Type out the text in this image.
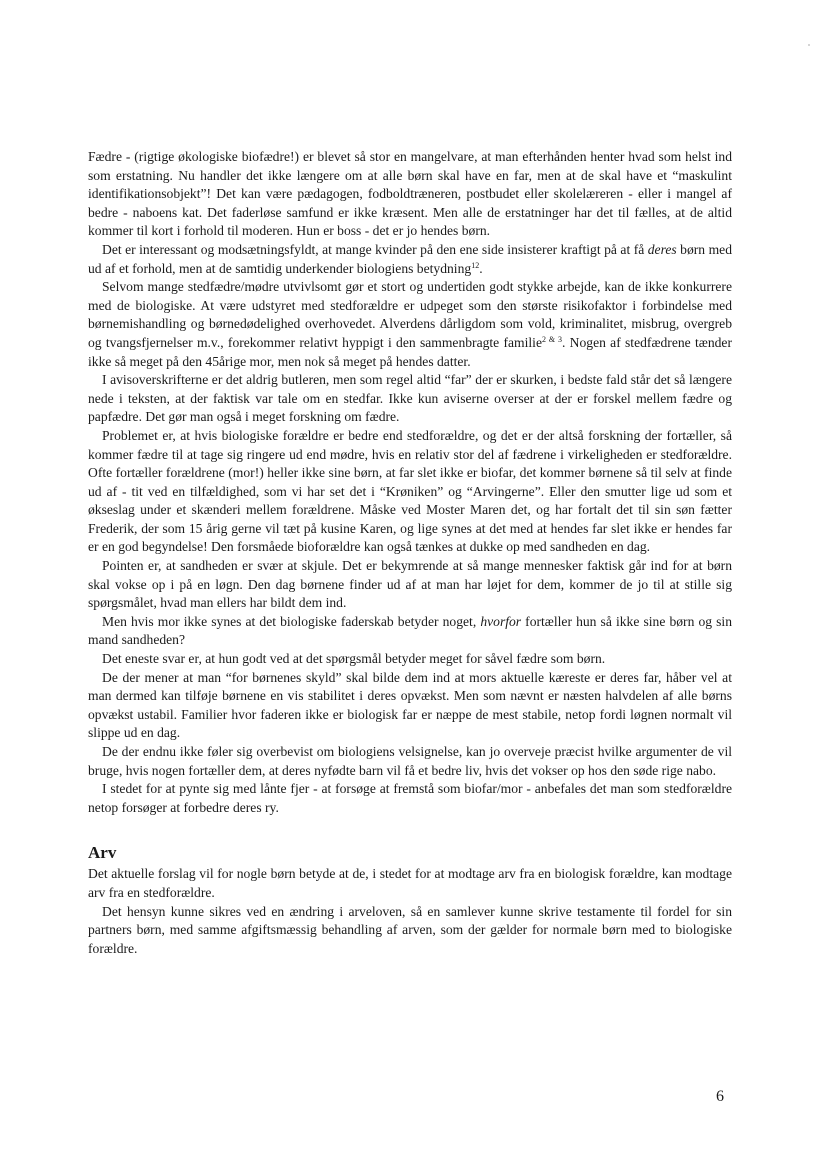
Fædre - (rigtige økologiske biofædre!) er blevet så stor en mangelvare, at man efterhånden henter hvad som helst ind som erstatning. Nu handler det ikke længere om at alle børn skal have en far, men at de skal have et “maskulint identifikationsobjekt”! Det kan være pædagogen, fodboldtræneren, postbudet eller skolelæreren - eller i mangel af bedre - naboens kat. Det faderløse samfund er ikke kræsent. Men alle de erstatninger har det til fælles, at de altid kommer til kort i forhold til moderen. Hun er boss - det er jo hendes børn.

Det er interessant og modsætningsfyldt, at mange kvinder på den ene side insisterer kraftigt på at få deres børn med ud af et forhold, men at de samtidig underkender biologiens betydning$^{12}$.

Selvom mange stedfædre/mødre utvivlsomt gør et stort og undertiden godt stykke arbejde, kan de ikke konkurrere med de biologiske. At være udstyret med stedforældre er udpeget som den største risikofaktor i forbindelse med børnemishandling og børnedødelighed overhovedet. Alverdens dårligdom som vold, kriminalitet, misbrug, overgreb og tvangsfjernelser m.v., forekommer relativt hyppigt i den sammenbragte familie$^{2 \& 3}$. Nogen af stedfædrene tænder ikke så meget på den 45årige mor, men nok så meget på hendes datter.

I avisoverskrifterne er det aldrig butleren, men som regel altid “far” der er skurken, i bedste fald står det så længere nede i teksten, at der faktisk var tale om en stedfar. Ikke kun aviserne overser at der er forskel mellem fædre og papfædre. Det gør man også i meget forskning om fædre.

Problemet er, at hvis biologiske forældre er bedre end stedforældre, og det er der altså forskning der fortæller, så kommer fædre til at tage sig ringere ud end mødre, hvis en relativ stor del af fædrene i virkeligheden er stedforældre. Ofte fortæller forældrene (mor!) heller ikke sine børn, at far slet ikke er biofar, det kommer børnene så til selv at finde ud af - tit ved en tilfældighed, som vi har set det i “Krøniken” og “Arvingerne”. Eller den smutter lige ud som et økseslag under et skænderi mellem forældrene. Måske ved Moster Maren det, og har fortalt det til sin søn fætter Frederik, der som 15 årig gerne vil tæt på kusine Karen, og lige synes at det med at hendes far slet ikke er hendes far er en god begyndelse! Den forsmåede bioforældre kan også tænkes at dukke op med sandheden en dag.

Pointen er, at sandheden er svær at skjule. Det er bekymrende at så mange mennesker faktisk går ind for at børn skal vokse op i på en løgn. Den dag børnene finder ud af at man har løjet for dem, kommer de jo til at stille sig spørgsmålet, hvad man ellers har bildt dem ind.

Men hvis mor ikke synes at det biologiske faderskab betyder noget, hvorfor fortæller hun så ikke sine børn og sin mand sandheden?

Det eneste svar er, at hun godt ved at det spørgsmål betyder meget for såvel fædre som børn.

De der mener at man “for børnenes skyld” skal bilde dem ind at mors aktuelle kæreste er deres far, håber vel at man dermed kan tilføje børnene en vis stabilitet i deres opvækst. Men som nævnt er næsten halvdelen af alle børns opvækst ustabil. Familier hvor faderen ikke er biologisk far er næppe de mest stabile, netop fordi løgnen normalt vil slippe ud en dag.

De der endnu ikke føler sig overbevist om biologiens velsignelse, kan jo overveje præcist hvilke argumenter de vil bruge, hvis nogen fortæller dem, at deres nyfødte barn vil få et bedre liv, hvis det vokser op hos den søde rige nabo.

I stedet for at pynte sig med lånte fjer - at forsøge at fremstå som biofar/mor - anbefales det man som stedforældre netop forsøger at forbedre deres ry.

Arv

Det aktuelle forslag vil for nogle børn betyde at de, i stedet for at modtage arv fra en biologisk forældre, kan modtage arv fra en stedforældre.

Det hensyn kunne sikres ved en ændring i arveloven, så en samlever kunne skrive testamente til fordel for sin partners børn, med samme afgiftsmæssig behandling af arven, som der gælder for normale børn med to biologiske forældre.

6
